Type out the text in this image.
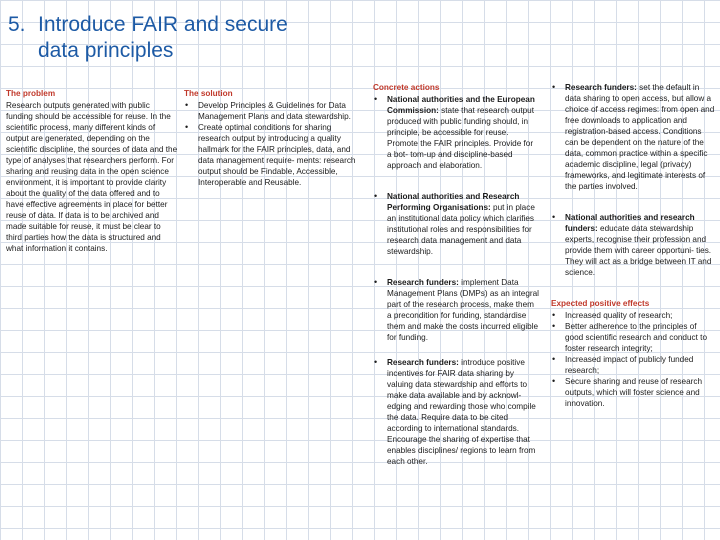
5. Introduce FAIR and secure
data principles
The problem
Research outputs generated with public funding should be accessible for reuse. In the scientific process, many different kinds of output are generated, depending on the scientific discipline, the sources of data and the type of analyses that researchers perform. For sharing and reusing data in the open science environment, it is important to provide clarity about the quality of the data offered and to have effective agreements in place for better reuse of data. If data is to be archived and made suitable for reuse, it must be clear to third parties how the data is structured and what information it contains.
The solution
• Develop Principles & Guidelines for Data Management Plans and data stewardship.
• Create optimal conditions for sharing research output by introducing a quality hallmark for the FAIR principles, data, and data management require- ments: research output should be Findable, Accessible, Interoperable and Reusable.
Concrete actions
• National authorities and the European Commission: state that research output produced with public funding should, in principle, be accessible for reuse. Promote the FAIR principles. Provide for a bot- tom-up and discipline-based approach and elaboration.
• National authorities and Research Performing Organisations: put in place an institutional data policy which clarifies institutional roles and responsibilities for research data management and data stewardship.
• Research funders: implement Data Management Plans (DMPs) as an integral part of the research process, make them a precondition for funding, standardise them and make the costs incurred eligible for funding.
• Research funders: introduce positive incentives for FAIR data sharing by valuing data stewardship and efforts to make data available and by acknowl- edging and rewarding those who compile the data. Require data to be cited according to international standards. Encourage the sharing of expertise that enables disciplines/ regions to learn from each other.
• Research funders: set the default in data sharing to open access, but allow a choice of access regimes: from open and free downloads to application and registration-based access. Conditions can be dependent on the nature of the data, common practice within a specific academic discipline, legal (privacy) frameworks, and legitimate interests of the parties involved.
• National authorities and research funders: educate data stewardship experts, recognise their profession and provide them with career opportuni- ties. They will act as a bridge between IT and science.
Expected positive effects
• Increased quality of research;
• Better adherence to the principles of good scientific research and conduct to foster research integrity;
• Increased impact of publicly funded research;
• Secure sharing and reuse of research outputs, which will foster science and innovation.
